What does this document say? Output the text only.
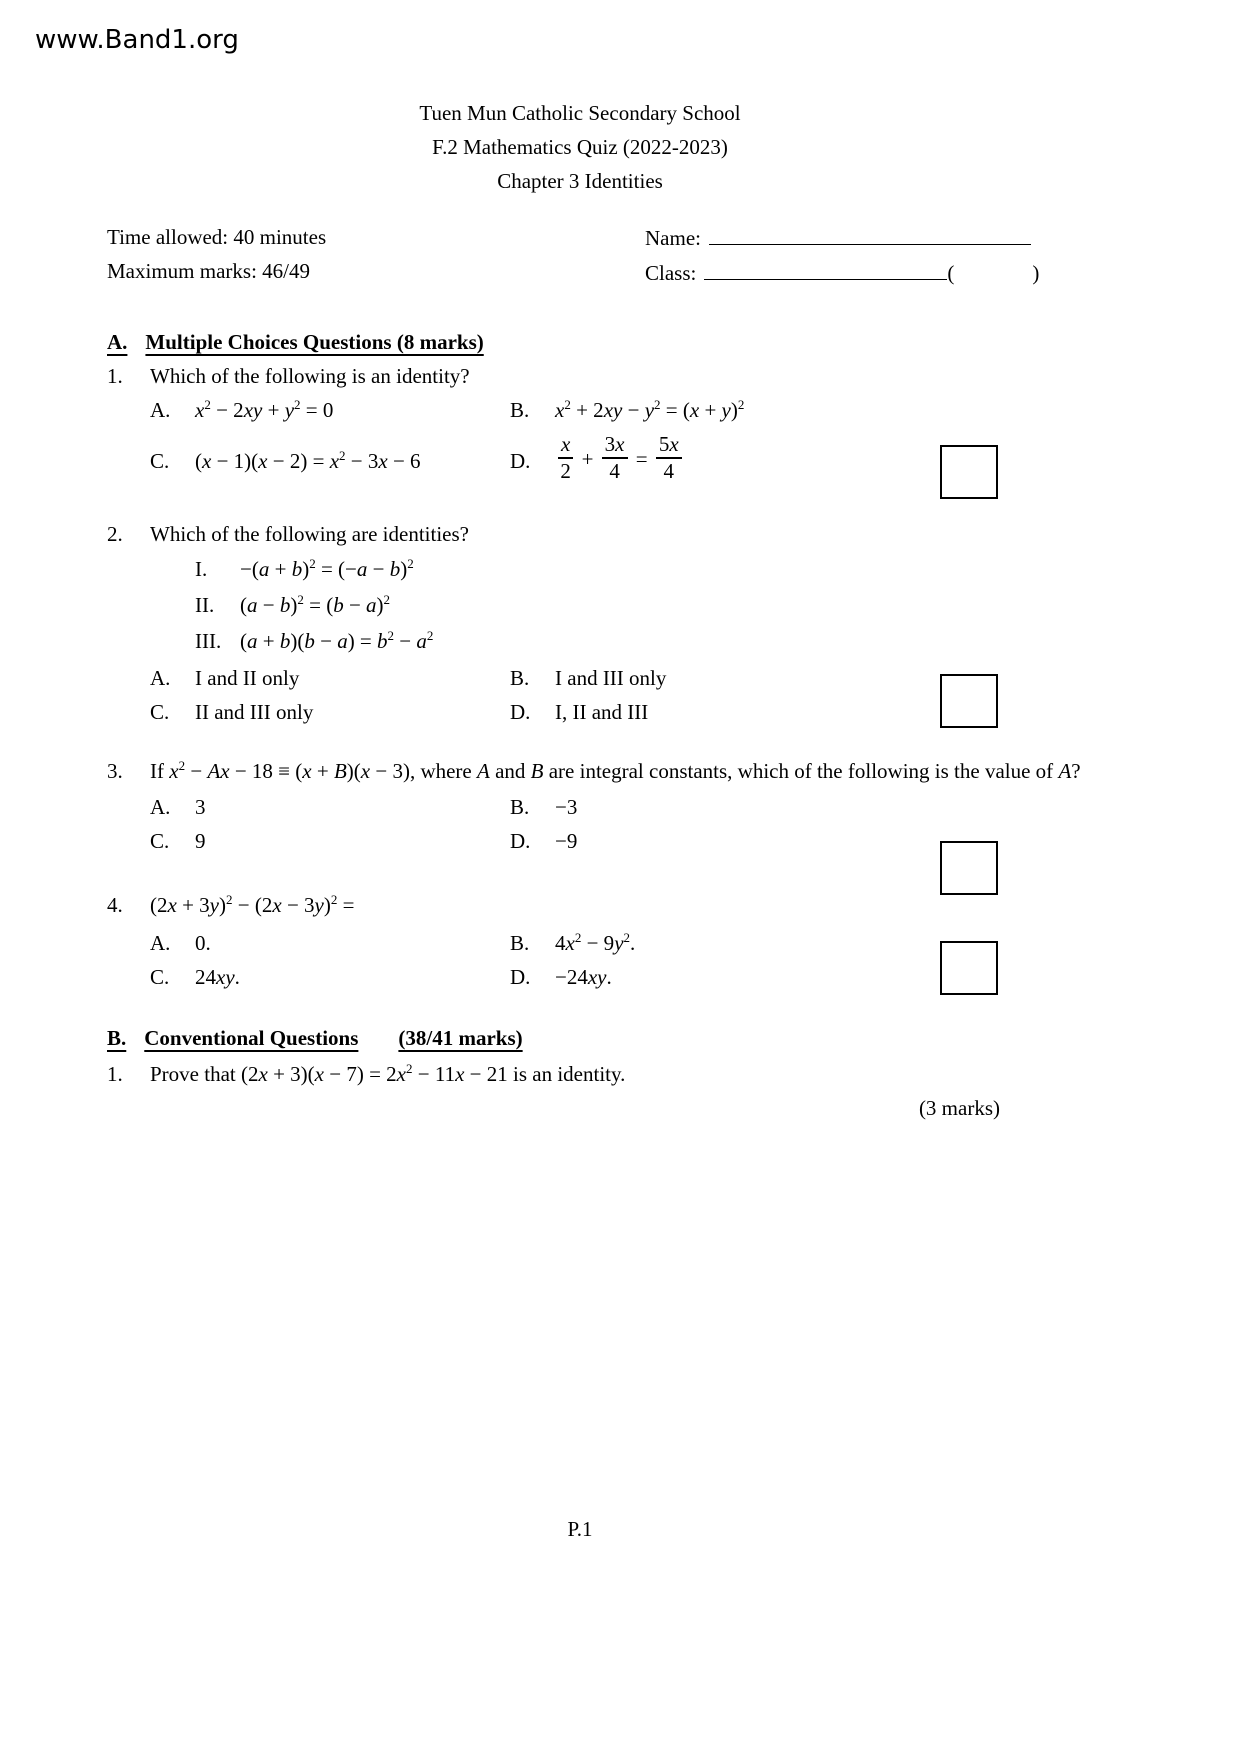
www.Band1.org
Tuen Mun Catholic Secondary School
F.2 Mathematics Quiz (2022-2023)
Chapter 3 Identities
Time allowed: 40 minutes
Maximum marks: 46/49
Name:
Class:	(	)
A. Multiple Choices Questions (8 marks)
1.	Which of the following is an identity?
A.	$x^2 - 2xy + y^2 = 0$	B.	$x^2 + 2xy - y^2 = (x + y)^2$
C.	$(x - 1)(x - 2) = x^2 - 3x - 6$	D.	$\frac{x}{2} + \frac{3x}{4} = \frac{5x}{4}$
2.	Which of the following are identities?
I.	$-(a + b)^2 = (-a - b)^2$
II.	$(a - b)^2 = (b - a)^2$
III. $(a + b)(b - a) = b^2 - a^2$
A.	I and II only	B.	I and III only
C.	II and III only	D.	I, II and III
3.	If $x^2 - Ax - 18 \equiv (x + B)(x - 3)$, where A and B are integral constants, which of the following is the value of A?
A.	3	B.	−3
C.	9	D.	−9
4.	$(2x + 3y)^2 - (2x - 3y)^2$ =
A.	0.	B.	$4x^2 - 9y^2$.
C.	24xy.	D.	−24xy.
B. Conventional Questions (38/41 marks)
1.	Prove that $(2x + 3)(x - 7) = 2x^2 - 11x - 21$ is an identity.
(3 marks)
P.1
